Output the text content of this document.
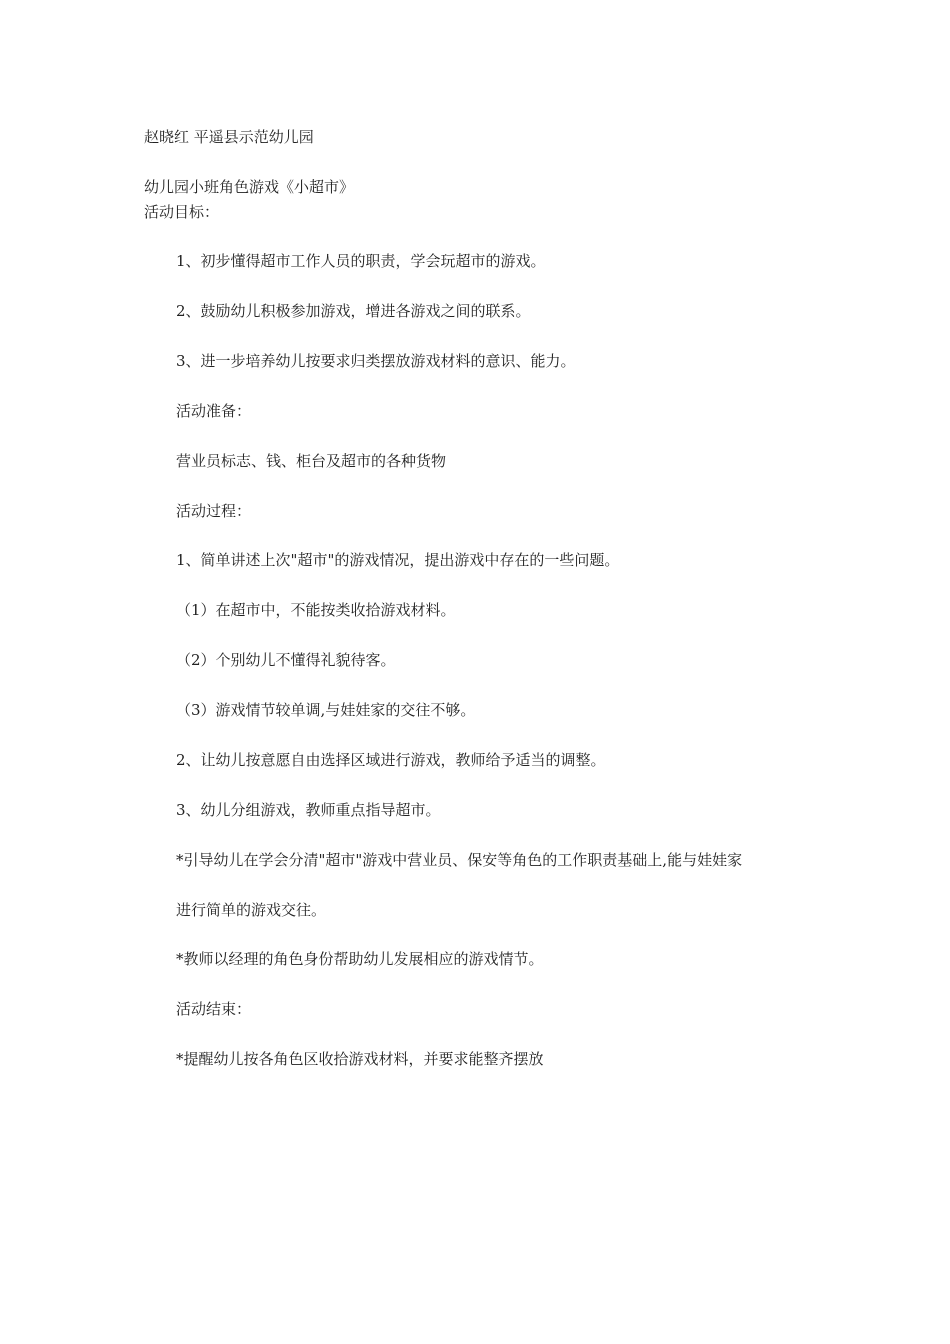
赵晓红 平遥县示范幼儿园
幼儿园小班角色游戏《小超市》
活动目标：
1、初步懂得超市工作人员的职责，学会玩超市的游戏。
2、鼓励幼儿积极参加游戏，增进各游戏之间的联系。
3、进一步培养幼儿按要求归类摆放游戏材料的意识、能力。
活动准备：
营业员标志、钱、柜台及超市的各种货物
活动过程：
1、简单讲述上次"超市"的游戏情况，提出游戏中存在的一些问题。
（1）在超市中，不能按类收拾游戏材料。
（2）个别幼儿不懂得礼貌待客。
（3）游戏情节较单调,与娃娃家的交往不够。
2、让幼儿按意愿自由选择区域进行游戏，教师给予适当的调整。
3、幼儿分组游戏，教师重点指导超市。
*引导幼儿在学会分清"超市"游戏中营业员、保安等角色的工作职责基础上,能与娃娃家
进行简单的游戏交往。
*教师以经理的角色身份帮助幼儿发展相应的游戏情节。
活动结束：
*提醒幼儿按各角色区收拾游戏材料，并要求能整齐摆放
